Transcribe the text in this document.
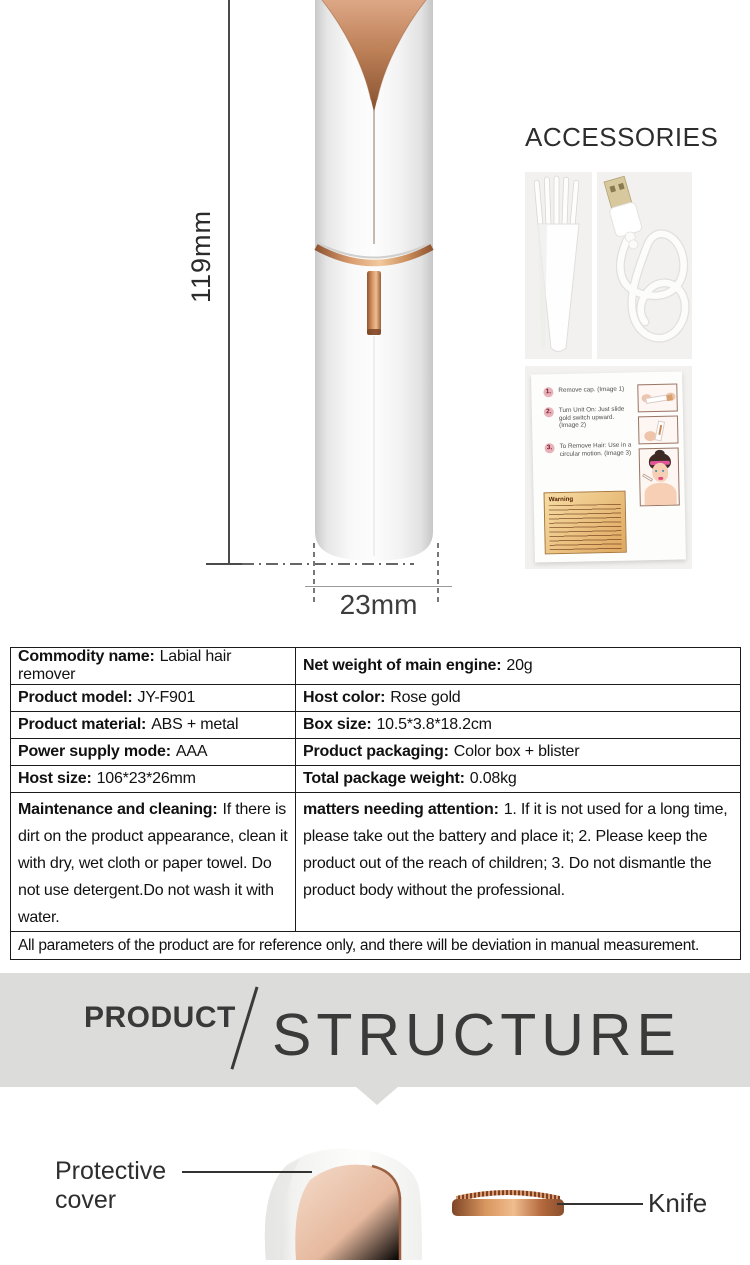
119mm
23mm
ACCESSORIES
1.	Remove cap. (Image 1)
2.	Turn Unit On: Just slide gold switch upward. (Image 2)
3.	To Remove Hair: Use in a circular motion. (Image 3)
Warning
Commodity name: Labial hair remover	Net weight of main engine: 20g
Product model: JY-F901	Host color: Rose gold
Product material: ABS + metal	Box size: 10.5*3.8*18.2cm
Power supply mode: AAA	Product packaging: Color box + blister
Host size: 106*23*26mm	Total package weight: 0.08kg
Maintenance and cleaning: If there is dirt on the product appearance, clean it with dry, wet cloth or paper towel. Do not use detergent.Do not wash it with water.	matters needing attention: 1. If it is not used for a long time, please take out the battery and place it; 2. Please keep the product out of the reach of children; 3. Do not dismantle the product body without the professional.
All parameters of the product are for reference only, and there will be deviation in manual measurement.	
PRODUCT STRUCTURE
Protective cover	Knife
